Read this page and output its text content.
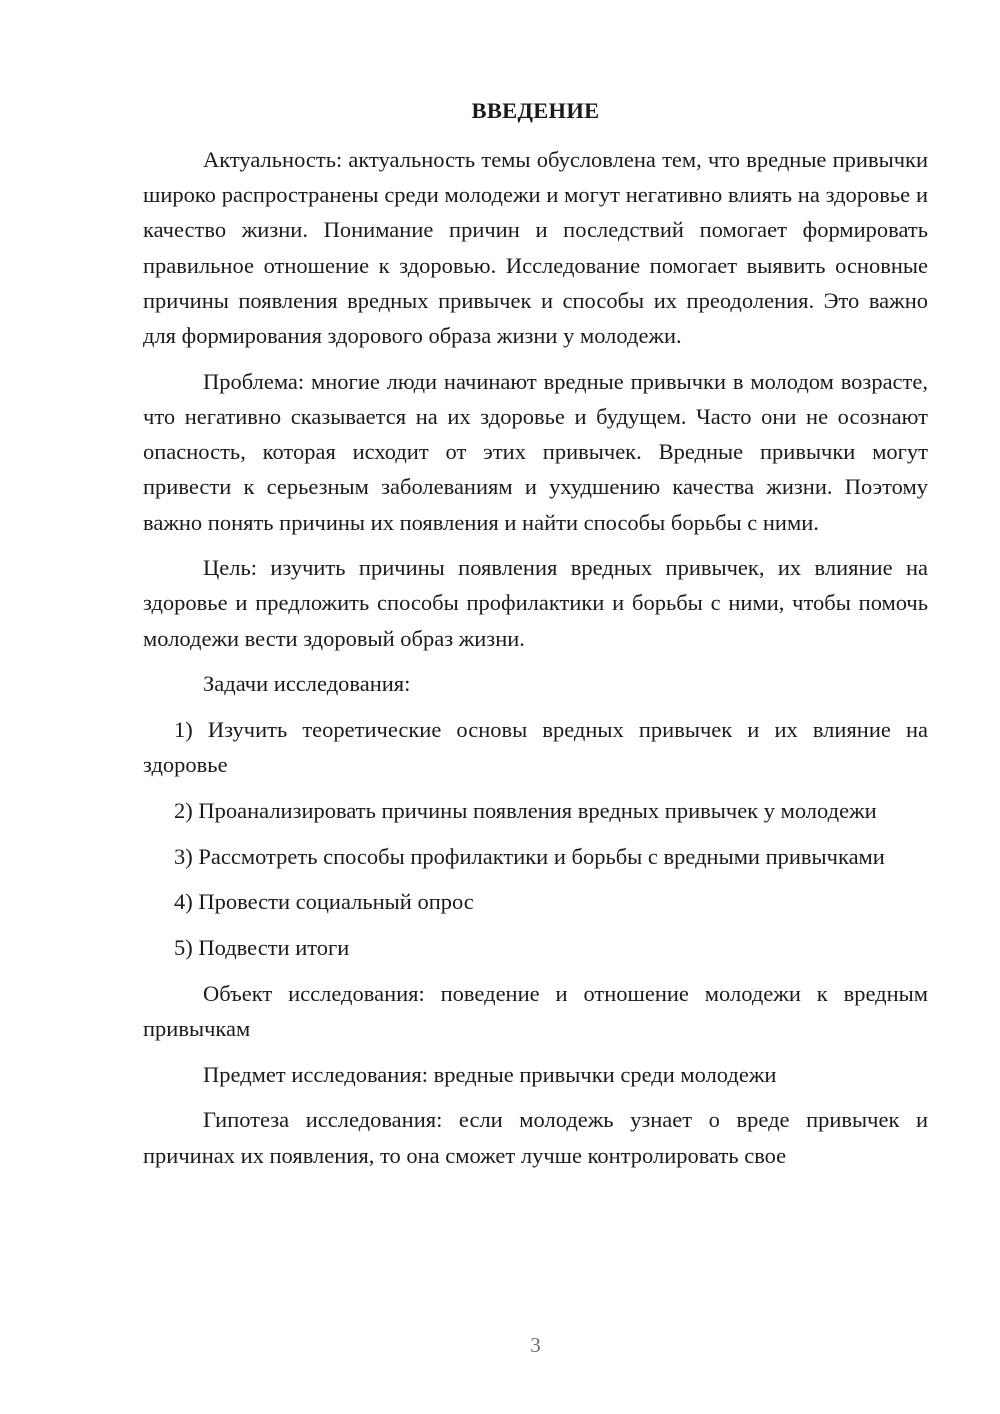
ВВЕДЕНИЕ

Актуальность: актуальность темы обусловлена тем, что вредные привычки широко распространены среди молодежи и могут негативно влиять на здоровье и качество жизни. Понимание причин и последствий помогает формировать правильное отношение к здоровью. Исследование помогает выявить основные причины появления вредных привычек и способы их преодоления. Это важно для формирования здорового образа жизни у молодежи.

Проблема: многие люди начинают вредные привычки в молодом возрасте, что негативно сказывается на их здоровье и будущем. Часто они не осознают опасность, которая исходит от этих привычек. Вредные привычки могут привести к серьезным заболеваниям и ухудшению качества жизни. Поэтому важно понять причины их появления и найти способы борьбы с ними.

Цель: изучить причины появления вредных привычек, их влияние на здоровье и предложить способы профилактики и борьбы с ними, чтобы помочь молодежи вести здоровый образ жизни.

Задачи исследования:

1) Изучить теоретические основы вредных привычек и их влияние на здоровье

2) Проанализировать причины появления вредных привычек у молодежи

3) Рассмотреть способы профилактики и борьбы с вредными привычками

4) Провести социальный опрос

5) Подвести итоги

Объект исследования: поведение и отношение молодежи к вредным привычкам

Предмет исследования: вредные привычки среди молодежи

Гипотеза исследования: если молодежь узнает о вреде привычек и причинах их появления, то она сможет лучше контролировать свое

3
